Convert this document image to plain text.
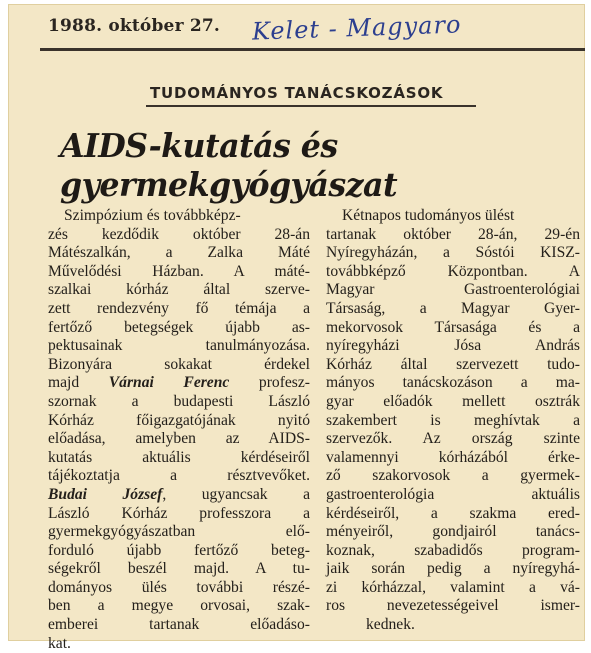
1988. október 27. Kelet - Magyaro
TUDOMÁNYOS TANÁCSKOZÁSOK
AIDS-kutatás és gyermekgyógyászat
Szimpózium és továbbképz-
zés kezdődik október 28-án
Mátészalkán, a Zalka Máté
Művelődési Házban. A máté-
szalkai kórház által szerve-
zett rendezvény fő témája a
fertőző betegségek újabb as-
pektusainak tanulmányozása.
Bizonyára sokakat érdekel
majd Várnai Ferenc profesz-
szornak a budapesti László
Kórház főigazgatójának nyitó
előadása, amelyben az AIDS-
kutatás aktuális kérdéseiről
tájékoztatja a résztvevőket.
Budai József, ugyancsak a
László Kórház professzora a
gyermekgyógyászatban elő-
forduló újabb fertőző beteg-
ségekről beszél majd. A tu-
dományos ülés további részé-
ben a megye orvosai, szak-
emberei tartanak előadáso-
kat.
Kétnapos tudományos ülést
tartanak október 28-án, 29-én
Nyíregyházán, a Sóstói KISZ-
továbbképző Központban. A
Magyar Gastroenterológiai
Társaság, a Magyar Gyer-
mekorvosok Társasága és a
nyíregyházi Jósa András
Kórház által szervezett tudo-
mányos tanácskozáson a ma-
gyar előadók mellett osztrák
szakembert is meghívtak a
szervezők. Az ország szinte
valamennyi kórházából érke-
ző szakorvosok a gyermek-
gastroenterológia aktuális
kérdéseiről, a szakma ered-
ményeiről, gondjairól tanács-
koznak, szabadidős program-
jaik során pedig a nyíregyhá-
zi kórházzal, valamint a vá-
ros nevezetességeivel ismer-
kednek.
